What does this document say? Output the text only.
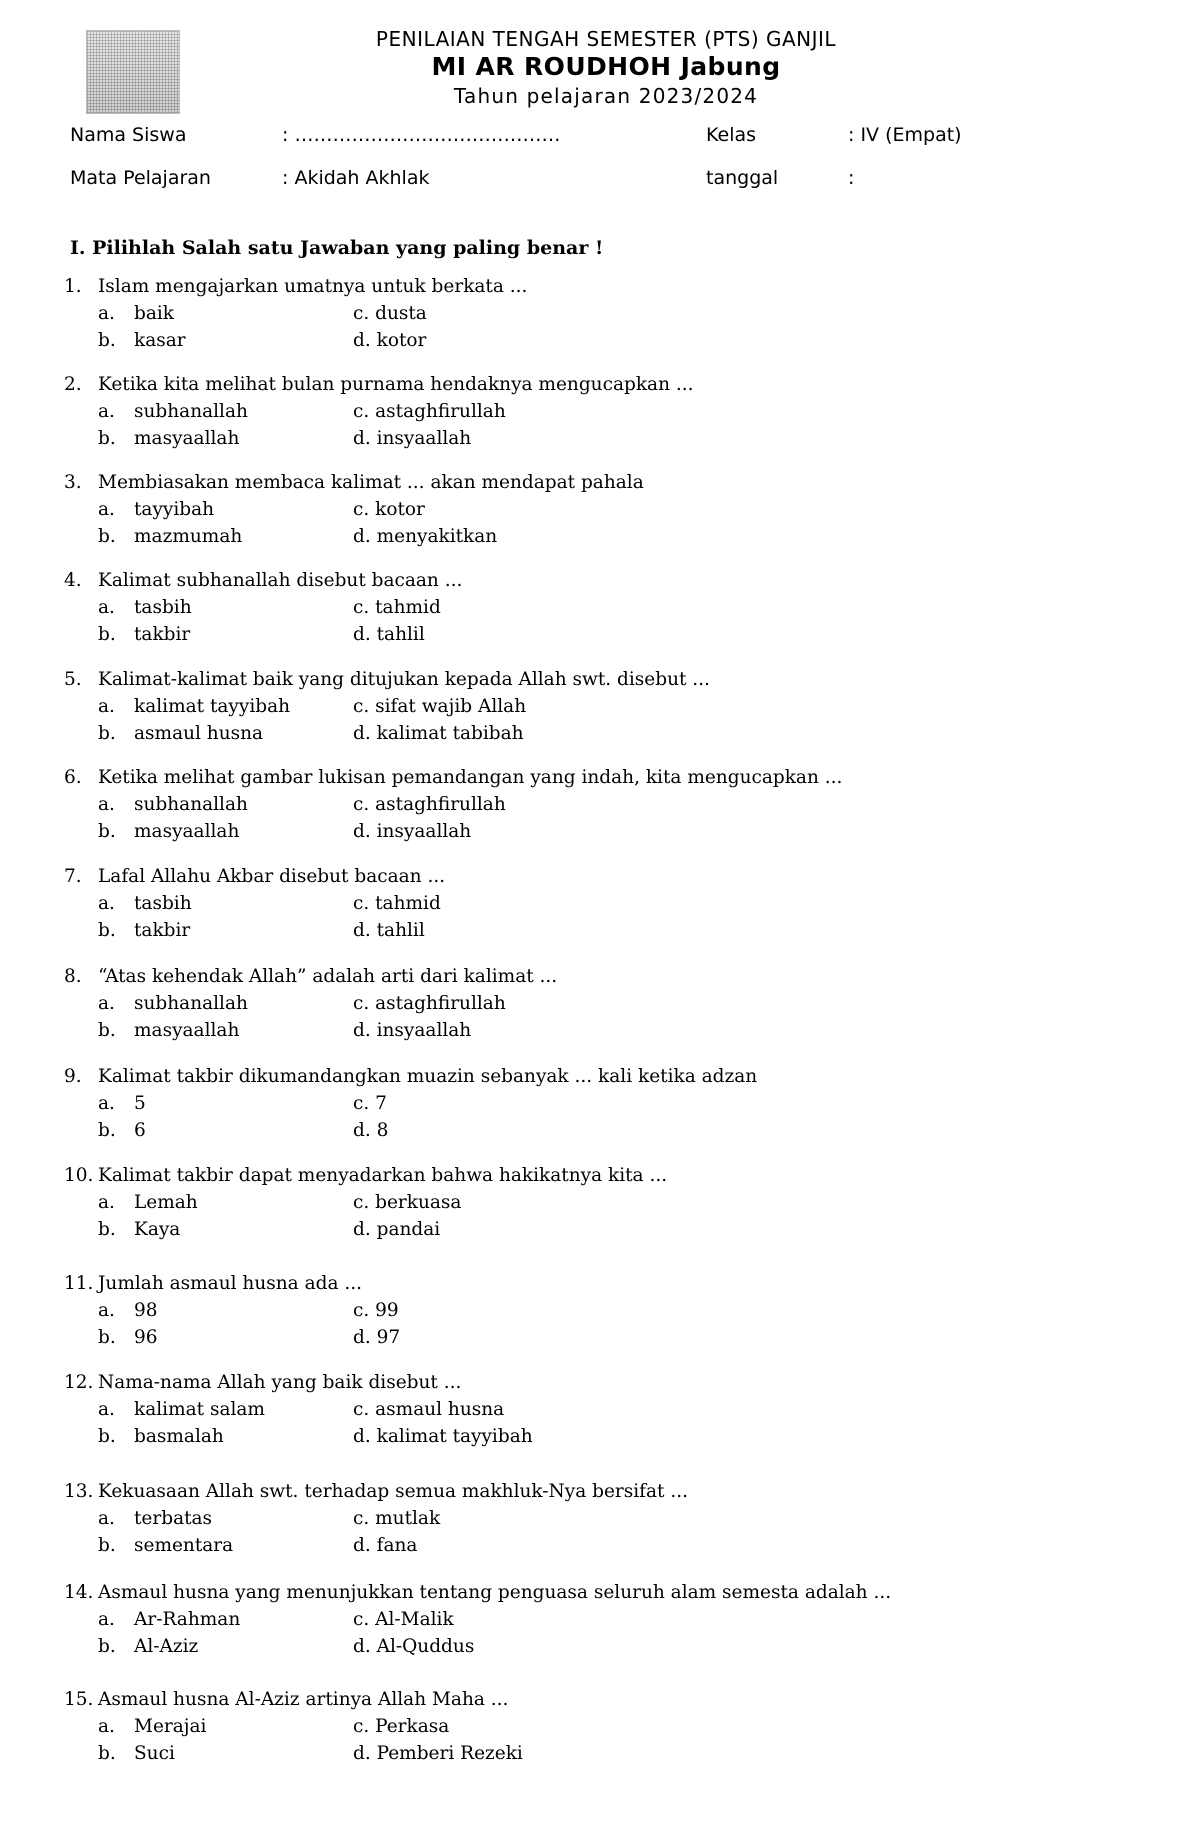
PENILAIAN TENGAH SEMESTER (PTS) GANJIL
MI AR ROUDHOH Jabung
Tahun pelajaran 2023/2024
Nama Siswa	: ……………………………………	Kelas	: IV (Empat)
Mata Pelajaran	: Akidah Akhlak	tanggal	:
I. Pilihlah Salah satu Jawaban yang paling benar !
1. Islam mengajarkan umatnya untuk berkata ...
a. baik	c. dusta
b. kasar	d. kotor
2. Ketika kita melihat bulan purnama hendaknya mengucapkan ...
a. subhanallah	c. astaghfirullah
b. masyaallah	d. insyaallah
3. Membiasakan membaca kalimat ... akan mendapat pahala
a. tayyibah	c. kotor
b. mazmumah	d. menyakitkan
4. Kalimat subhanallah disebut bacaan ...
a. tasbih	c. tahmid
b. takbir	d. tahlil
5. Kalimat-kalimat baik yang ditujukan kepada Allah swt. disebut ...
a. kalimat tayyibah	c. sifat wajib Allah
b. asmaul husna	d. kalimat tabibah
6. Ketika melihat gambar lukisan pemandangan yang indah, kita mengucapkan ...
a. subhanallah	c. astaghfirullah
b. masyaallah	d. insyaallah
7. Lafal Allahu Akbar disebut bacaan ...
a. tasbih	c. tahmid
b. takbir	d. tahlil
8. “Atas kehendak Allah” adalah arti dari kalimat ...
a. subhanallah	c. astaghfirullah
b. masyaallah	d. insyaallah
9. Kalimat takbir dikumandangkan muazin sebanyak ... kali ketika adzan
a. 5	c. 7
b. 6	d. 8
10. Kalimat takbir dapat menyadarkan bahwa hakikatnya kita ...
a. Lemah	c. berkuasa
b. Kaya	d. pandai
11. Jumlah asmaul husna ada ...
a. 98	c. 99
b. 96	d. 97
12. Nama-nama Allah yang baik disebut ...
a. kalimat salam	c. asmaul husna
b. basmalah	d. kalimat tayyibah
13. Kekuasaan Allah swt. terhadap semua makhluk-Nya bersifat ...
a. terbatas	c. mutlak
b. sementara	d. fana
14. Asmaul husna yang menunjukkan tentang penguasa seluruh alam semesta adalah ...
a. Ar-Rahman	c. Al-Malik
b. Al-Aziz	d. Al-Quddus
15. Asmaul husna Al-Aziz artinya Allah Maha ...
a. Merajai	c. Perkasa
b. Suci	d. Pemberi Rezeki
